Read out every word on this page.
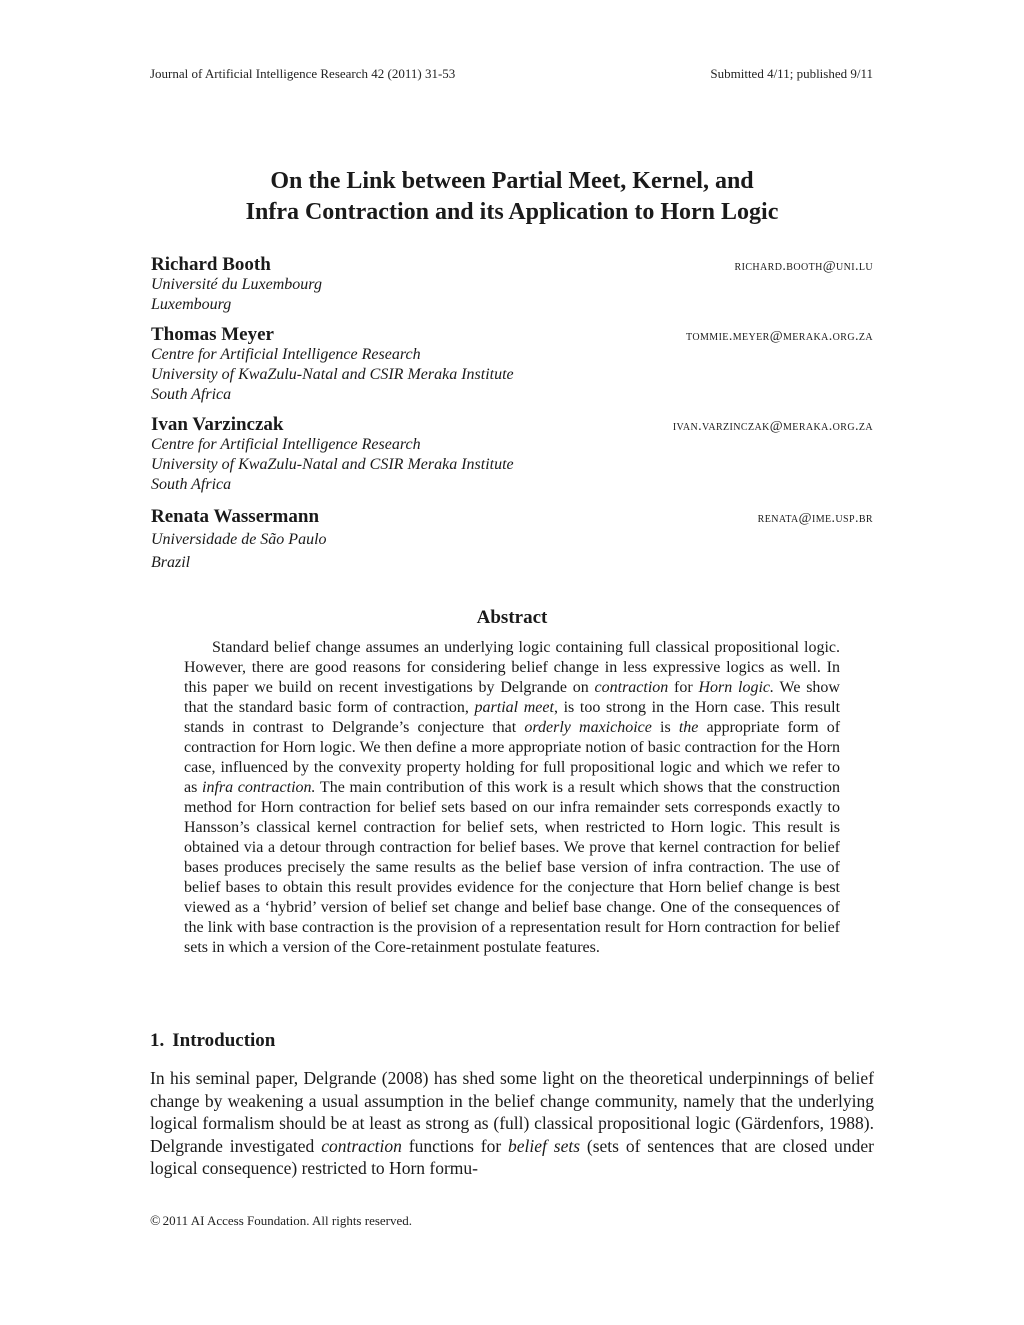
Journal of Artificial Intelligence Research 42 (2011) 31-53	Submitted 4/11; published 9/11
On the Link between Partial Meet, Kernel, and
Infra Contraction and its Application to Horn Logic
Richard Booth	richard.booth@uni.lu
Université du Luxembourg
Luxembourg
Thomas Meyer	tommie.meyer@meraka.org.za
Centre for Artificial Intelligence Research
University of KwaZulu-Natal and CSIR Meraka Institute
South Africa
Ivan Varzinczak	ivan.varzinczak@meraka.org.za
Centre for Artificial Intelligence Research
University of KwaZulu-Natal and CSIR Meraka Institute
South Africa
Renata Wassermann	renata@ime.usp.br
Universidade de São Paulo
Brazil
Abstract

Standard belief change assumes an underlying logic containing full classical propositional logic. However, there are good reasons for considering belief change in less expressive logics as well. In this paper we build on recent investigations by Delgrande on contraction for Horn logic. We show that the standard basic form of contraction, partial meet, is too strong in the Horn case. This result stands in contrast to Delgrande’s conjecture that orderly maxichoice is the appropriate form of contraction for Horn logic. We then define a more appropriate notion of basic contraction for the Horn case, influenced by the convexity property holding for full propositional logic and which we refer to as infra contraction. The main contribution of this work is a result which shows that the construction method for Horn contraction for belief sets based on our infra remainder sets corresponds exactly to Hansson’s classical kernel contraction for belief sets, when restricted to Horn logic. This result is obtained via a detour through contraction for belief bases. We prove that kernel contraction for belief bases produces precisely the same results as the belief base version of infra contraction. The use of belief bases to obtain this result provides evidence for the conjecture that Horn belief change is best viewed as a ‘hybrid’ version of belief set change and belief base change. One of the consequences of the link with base contraction is the provision of a representation result for Horn contraction for belief sets in which a version of the Core-retainment postulate features.

1. Introduction

In his seminal paper, Delgrande (2008) has shed some light on the theoretical underpinnings of belief change by weakening a usual assumption in the belief change community, namely that the underlying logical formalism should be at least as strong as (full) classical propositional logic (Gärdenfors, 1988). Delgrande investigated contraction functions for belief sets (sets of sentences that are closed under logical consequence) restricted to Horn formu-

© 2011 AI Access Foundation. All rights reserved.
